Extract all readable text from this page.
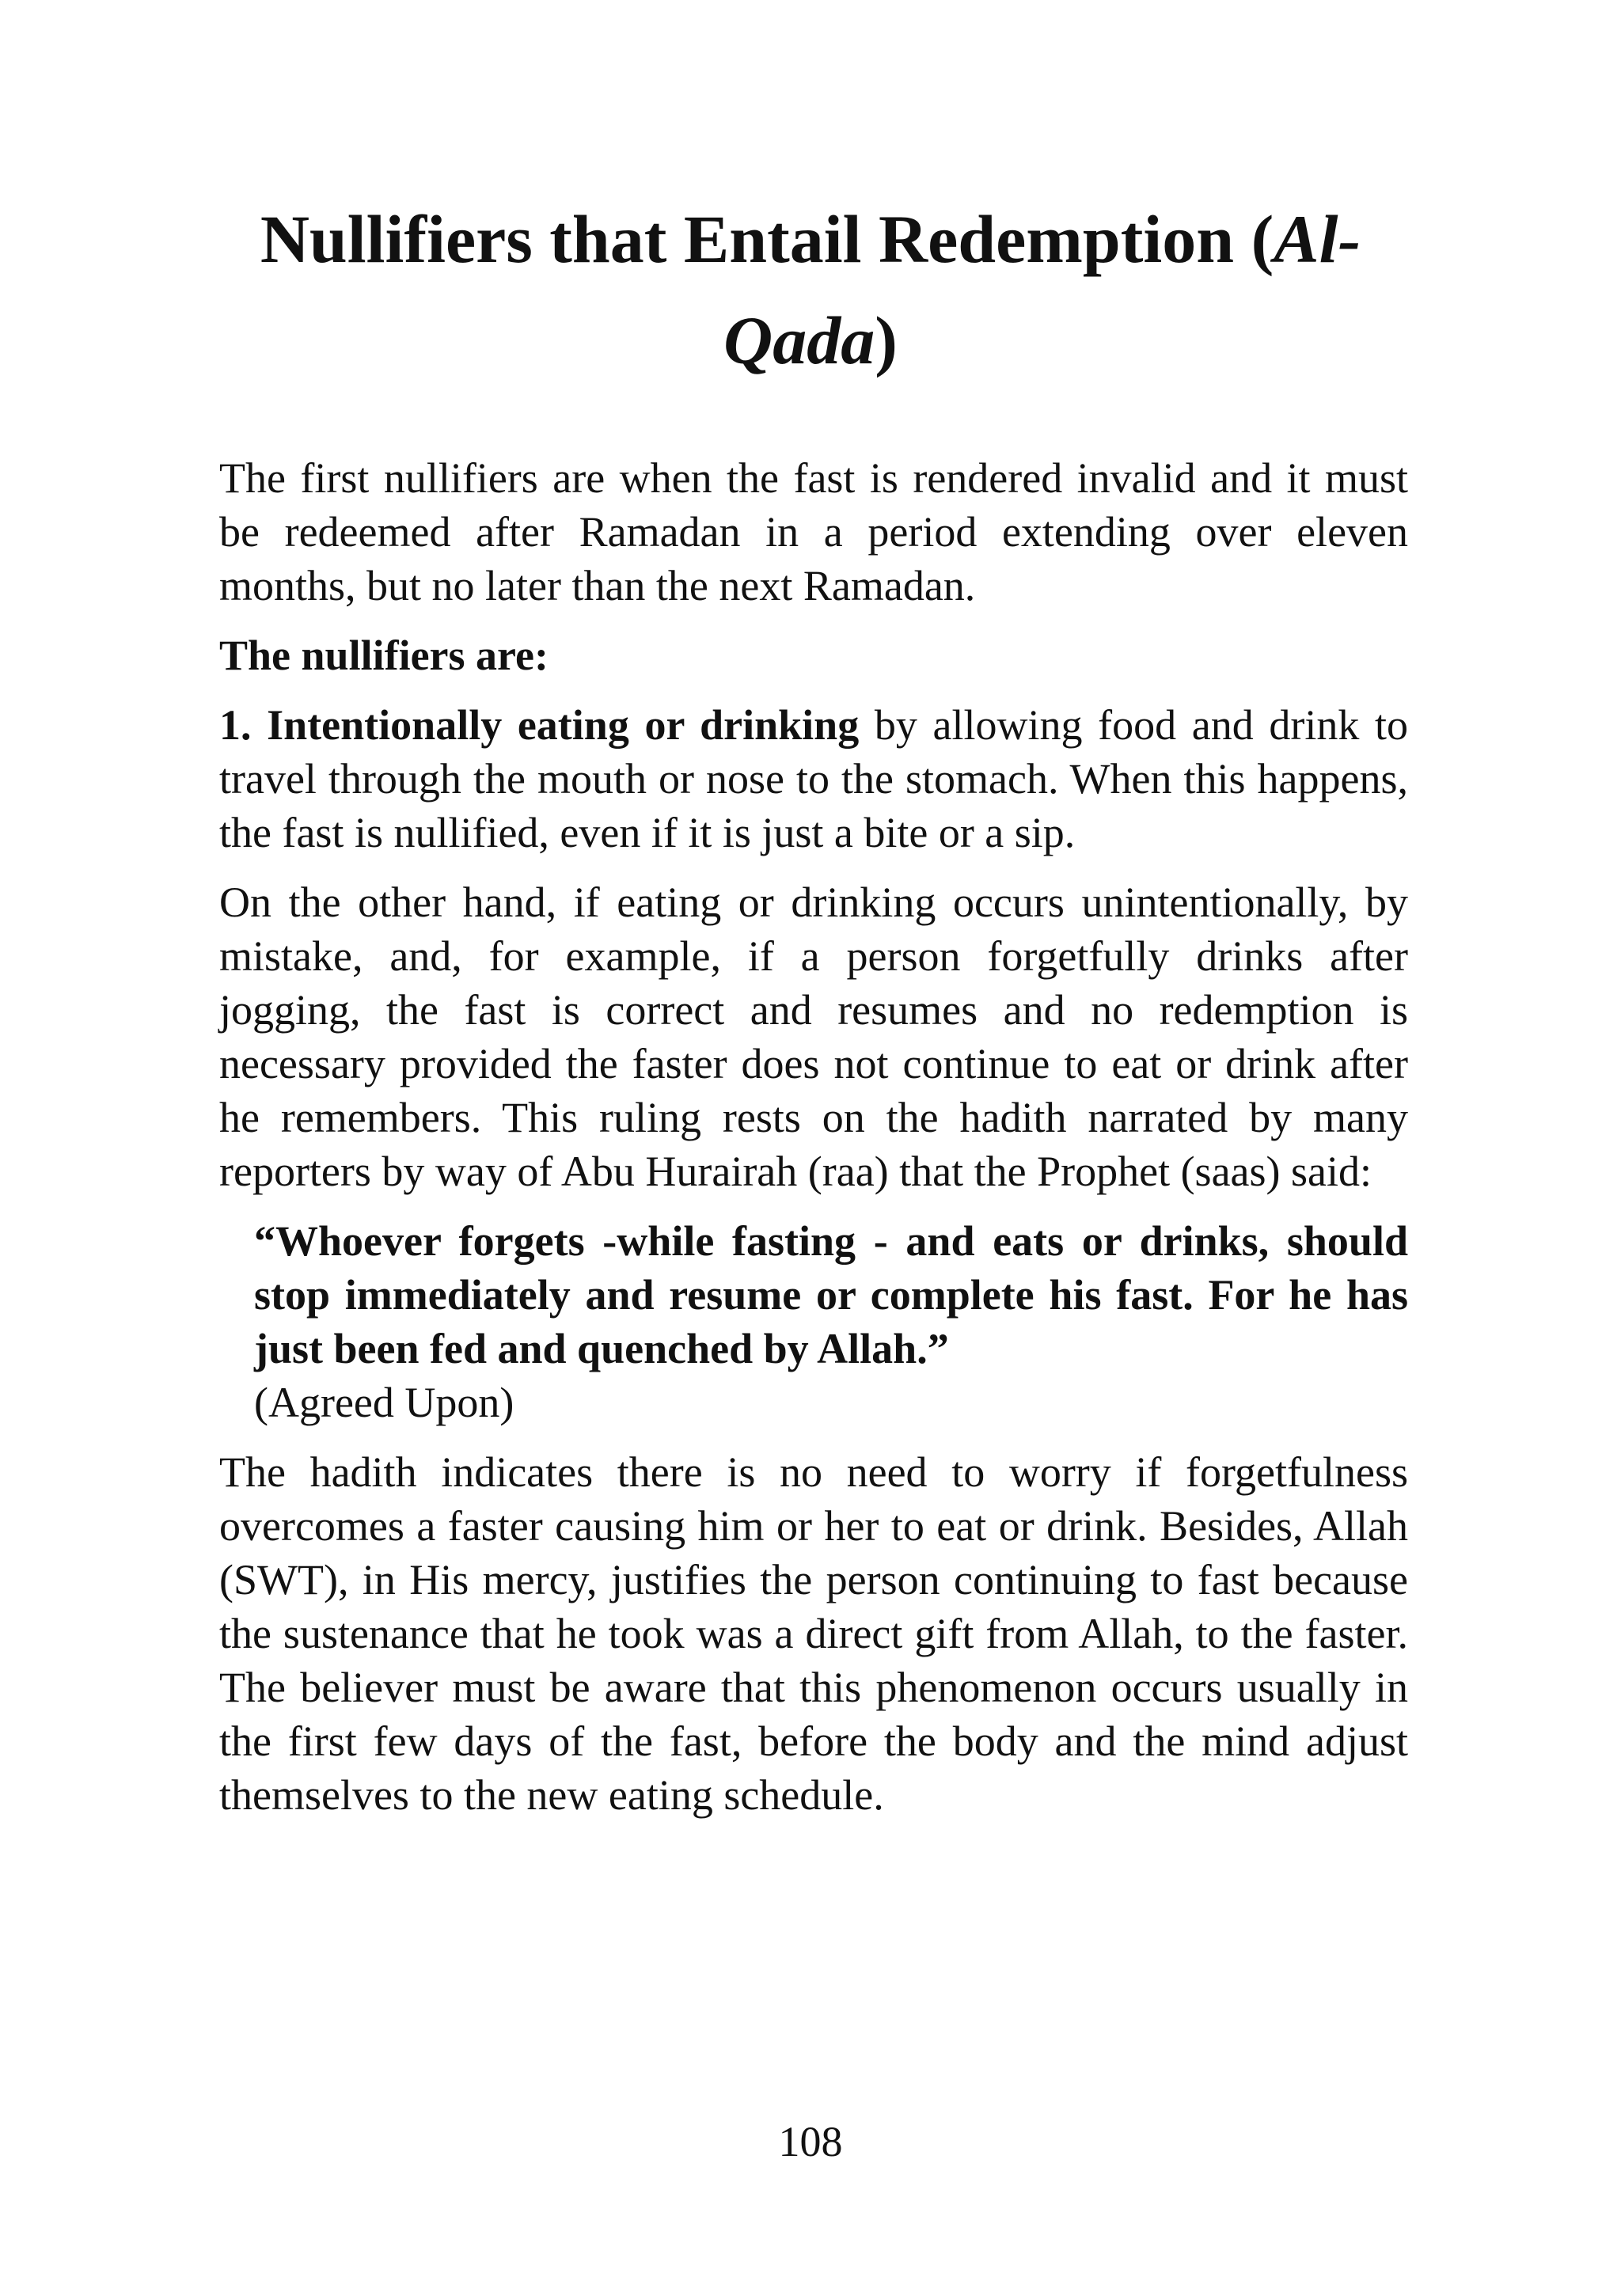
Nullifiers that Entail Redemption (Al-
Qada)

The first nullifiers are when the fast is rendered invalid and it must be redeemed after Ramadan in a period extending over eleven months, but no later than the next Ramadan.

The nullifiers are:

1. Intentionally eating or drinking by allowing food and drink to travel through the mouth or nose to the stomach. When this happens, the fast is nullified, even if it is just a bite or a sip.

On the other hand, if eating or drinking occurs unintentionally, by mistake, and, for example, if a person forgetfully drinks after jogging, the fast is correct and resumes and no redemption is necessary provided the faster does not continue to eat or drink after he remembers. This ruling rests on the hadith narrated by many reporters by way of Abu Hurairah (raa) that the Prophet (saas) said:

“Whoever forgets -while fasting - and eats or drinks, should stop immediately and resume or complete his fast. For he has just been fed and quenched by Allah.”
(Agreed Upon)

The hadith indicates there is no need to worry if forgetfulness overcomes a faster causing him or her to eat or drink. Besides, Allah (SWT), in His mercy, justifies the person continuing to fast because the sustenance that he took was a direct gift from Allah, to the faster. The believer must be aware that this phenomenon occurs usually in the first few days of the fast, before the body and the mind adjust themselves to the new eating schedule.

108
